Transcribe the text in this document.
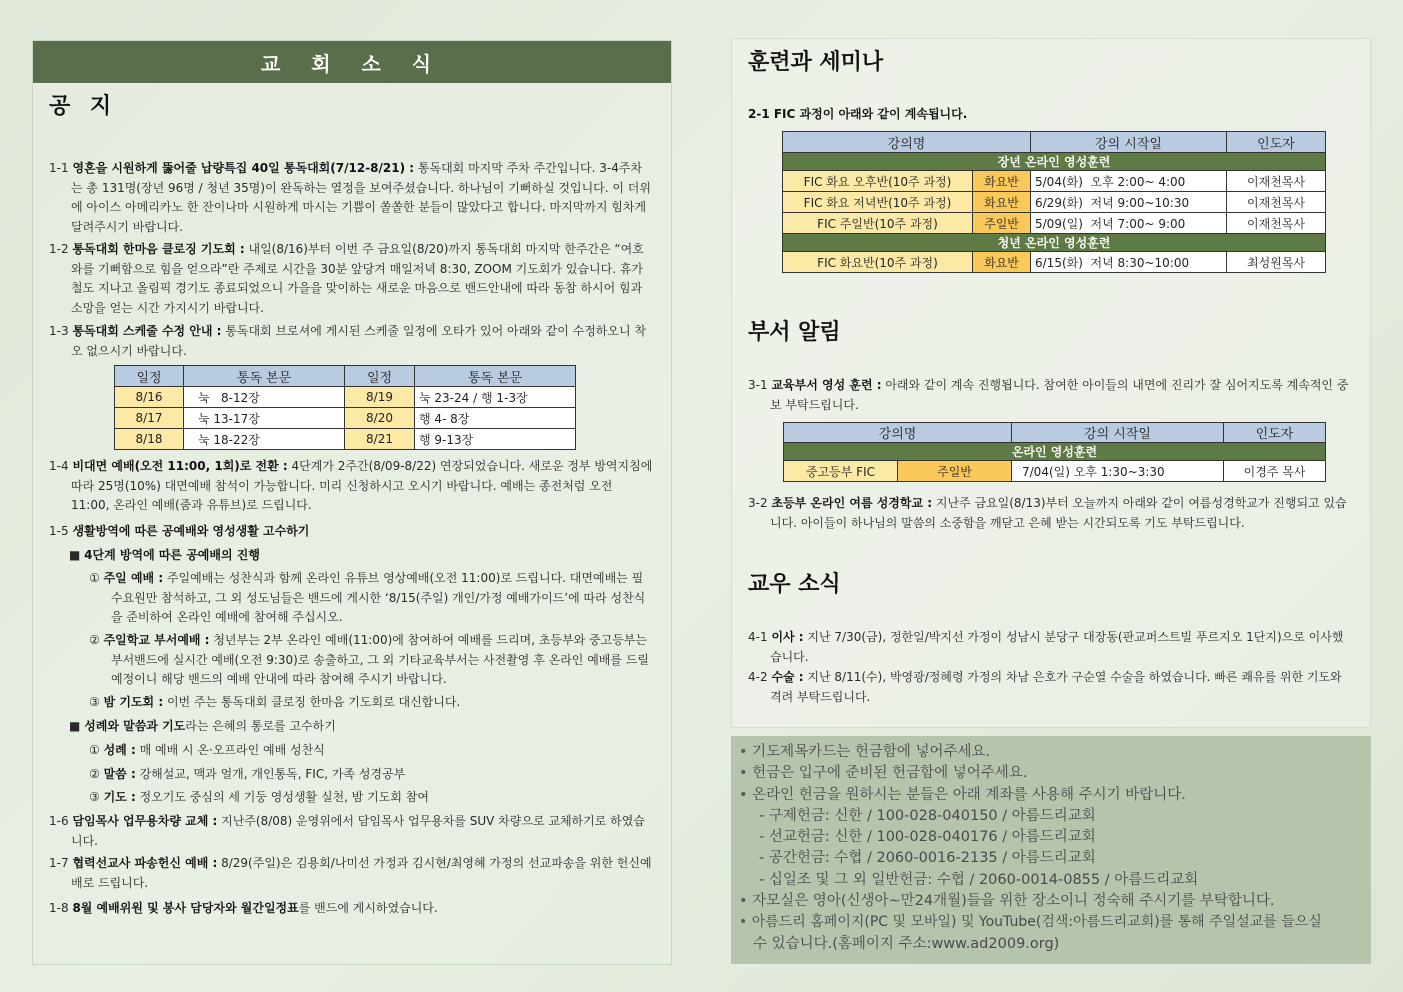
교 회 소 식
공 지
1-1 영혼을 시원하게 뚫어줄 납량특집 40일 통독대회(7/12-8/21) : 통독대회 마지막 주차 주간입니다. 3-4주차는 총 131명(장년 96명 / 청년 35명)이 완독하는 열정을 보여주셨습니다. 하나님이 기뻐하실 것입니다. 이 더위에 아이스 아메리카노 한 잔이나마 시원하게 마시는 기쁨이 쏠쏠한 분들이 많았다고 합니다. 마지막까지 힘차게 달려주시기 바랍니다.
1-2 통독대회 한마음 클로징 기도회 : 내일(8/16)부터 이번 주 금요일(8/20)까지 통독대회 마지막 한주간은 “여호와를 기뻐함으로 힘을 얻으라”란 주제로 시간을 30분 앞당겨 매일저녁 8:30, ZOOM 기도회가 있습니다. 휴가철도 지나고 올림픽 경기도 종료되었으니 가을을 맞이하는 새로운 마음으로 밴드안내에 따라 동참 하시어 힘과 소망을 얻는 시간 가지시기 바랍니다.
1-3 통독대회 스케줄 수정 안내 : 통독대회 브로셔에 게시된 스케줄 일정에 오타가 있어 아래와 같이 수정하오니 착오 없으시기 바랍니다.
일정	통독 본문	일정	통독 본문
8/16	눅   8-12장	8/19	눅 23-24 / 행 1-3장
8/17	눅 13-17장	8/20	행 4- 8장
8/18	눅 18-22장	8/21	행 9-13장
1-4 비대면 예배(오전 11:00, 1회)로 전환 : 4단계가 2주간(8/09-8/22) 연장되었습니다. 새로운 정부 방역지침에 따라 25명(10%) 대면예배 참석이 가능합니다. 미리 신청하시고 오시기 바랍니다. 예배는 종전처럼 오전 11:00, 온라인 예배(줌과 유튜브)로 드립니다.
1-5 생활방역에 따른 공예배와 영성생활 고수하기
■ 4단계 방역에 따른 공예배의 진행
① 주일 예배 : 주일예배는 성찬식과 함께 온라인 유튜브 영상예배(오전 11:00)로 드립니다. 대면예배는 필수요원만 참석하고, 그 외 성도님들은 밴드에 게시한 ‘8/15(주일) 개인/가정 예배가이드’에 따라 성찬식을 준비하여 온라인 예배에 참여해 주십시오.
② 주일학교 부서예배 : 청년부는 2부 온라인 예배(11:00)에 참여하여 예배를 드리며, 초등부와 중고등부는 부서밴드에 실시간 예배(오전 9:30)로 송출하고, 그 외 기타교육부서는 사전촬영 후 온라인 예배를 드릴 예정이니 해당 밴드의 예배 안내에 따라 참여해 주시기 바랍니다.
③ 밤 기도회 : 이번 주는 통독대회 클로징 한마음 기도회로 대신합니다.
■ 성례와 말씀과 기도라는 은혜의 통로를 고수하기
① 성례 : 매 예배 시 온·오프라인 예배 성찬식
② 말씀 : 강해설교, 맥과 얼개, 개인통독, FIC, 가족 성경공부
③ 기도 : 정오기도 중심의 세 기둥 영성생활 실천, 밤 기도회 참여
1-6 담임목사 업무용차량 교체 : 지난주(8/08) 운영위에서 담임목사 업무용차를 SUV 차량으로 교체하기로 하였습니다.
1-7 협력선교사 파송헌신 예배 : 8/29(주일)은 김용회/나미선 가정과 김시현/최영혜 가정의 선교파송을 위한 헌신예배로 드립니다.
1-8 8월 예배위원 및 봉사 담당자와 월간일정표를 밴드에 게시하였습니다.
훈련과 세미나
2-1 FIC 과정이 아래와 같이 계속됩니다.
강의명		강의 시작일	인도자
장년 온라인 영성훈련			
FIC 화요 오후반(10주 과정)	화요반	5/04(화)  오후 2:00~ 4:00	이재천목사
FIC 화요 저녁반(10주 과정)	화요반	6/29(화)  저녁 9:00~10:30	이재천목사
FIC 주일반(10주 과정)	주일반	5/09(일)  저녁 7:00~ 9:00	이재천목사
청년 온라인 영성훈련			
FIC 화요반(10주 과정)	화요반	6/15(화)  저녁 8:30~10:00	최성원목사
부서 알림
3-1 교육부서 영성 훈련 : 아래와 같이 계속 진행됩니다. 참여한 아이들의 내면에 진리가 잘 심어지도록 계속적인 중보 부탁드립니다.
강의명		강의 시작일	인도자
온라인 영성훈련			
중고등부 FIC	주일반	7/04(일) 오후 1:30~3:30	이경주 목사
3-2 초등부 온라인 여름 성경학교 : 지난주 금요일(8/13)부터 오늘까지 아래와 같이 여름성경학교가 진행되고 있습니다. 아이들이 하나님의 말씀의 소중함을 깨닫고 은혜 받는 시간되도록 기도 부탁드립니다.
교우 소식
4-1 이사 : 지난 7/30(금), 정한일/박지선 가정이 성남시 분당구 대장동(판교퍼스트빌 푸르지오 1단지)으로 이사했습니다.
4-2 수술 : 지난 8/11(수), 박영광/정혜령 가정의 차남 은호가 구순열 수술을 하였습니다. 빠른 쾌유를 위한 기도와 격려 부탁드립니다.
• 기도제목카드는 헌금함에 넣어주세요.
• 헌금은 입구에 준비된 헌금함에 넣어주세요.
• 온라인 헌금을 원하시는 분들은 아래 계좌를 사용해 주시기 바랍니다.
- 구제헌금: 신한 / 100-028-040150 / 아름드리교회
- 선교헌금: 신한 / 100-028-040176 / 아름드리교회
- 공간헌금: 수협 / 2060-0016-2135 / 아름드리교회
- 십일조 및 그 외 일반헌금: 수협 / 2060-0014-0855 / 아름드리교회
• 자모실은 영아(신생아~만24개월)들을 위한 장소이니 정숙해 주시기를 부탁합니다.
• 아름드리 홈페이지(PC 및 모바일) 및 YouTube(검색:아름드리교회)를 통해 주일설교를 들으실
수 있습니다.(홈페이지 주소:www.ad2009.org)
